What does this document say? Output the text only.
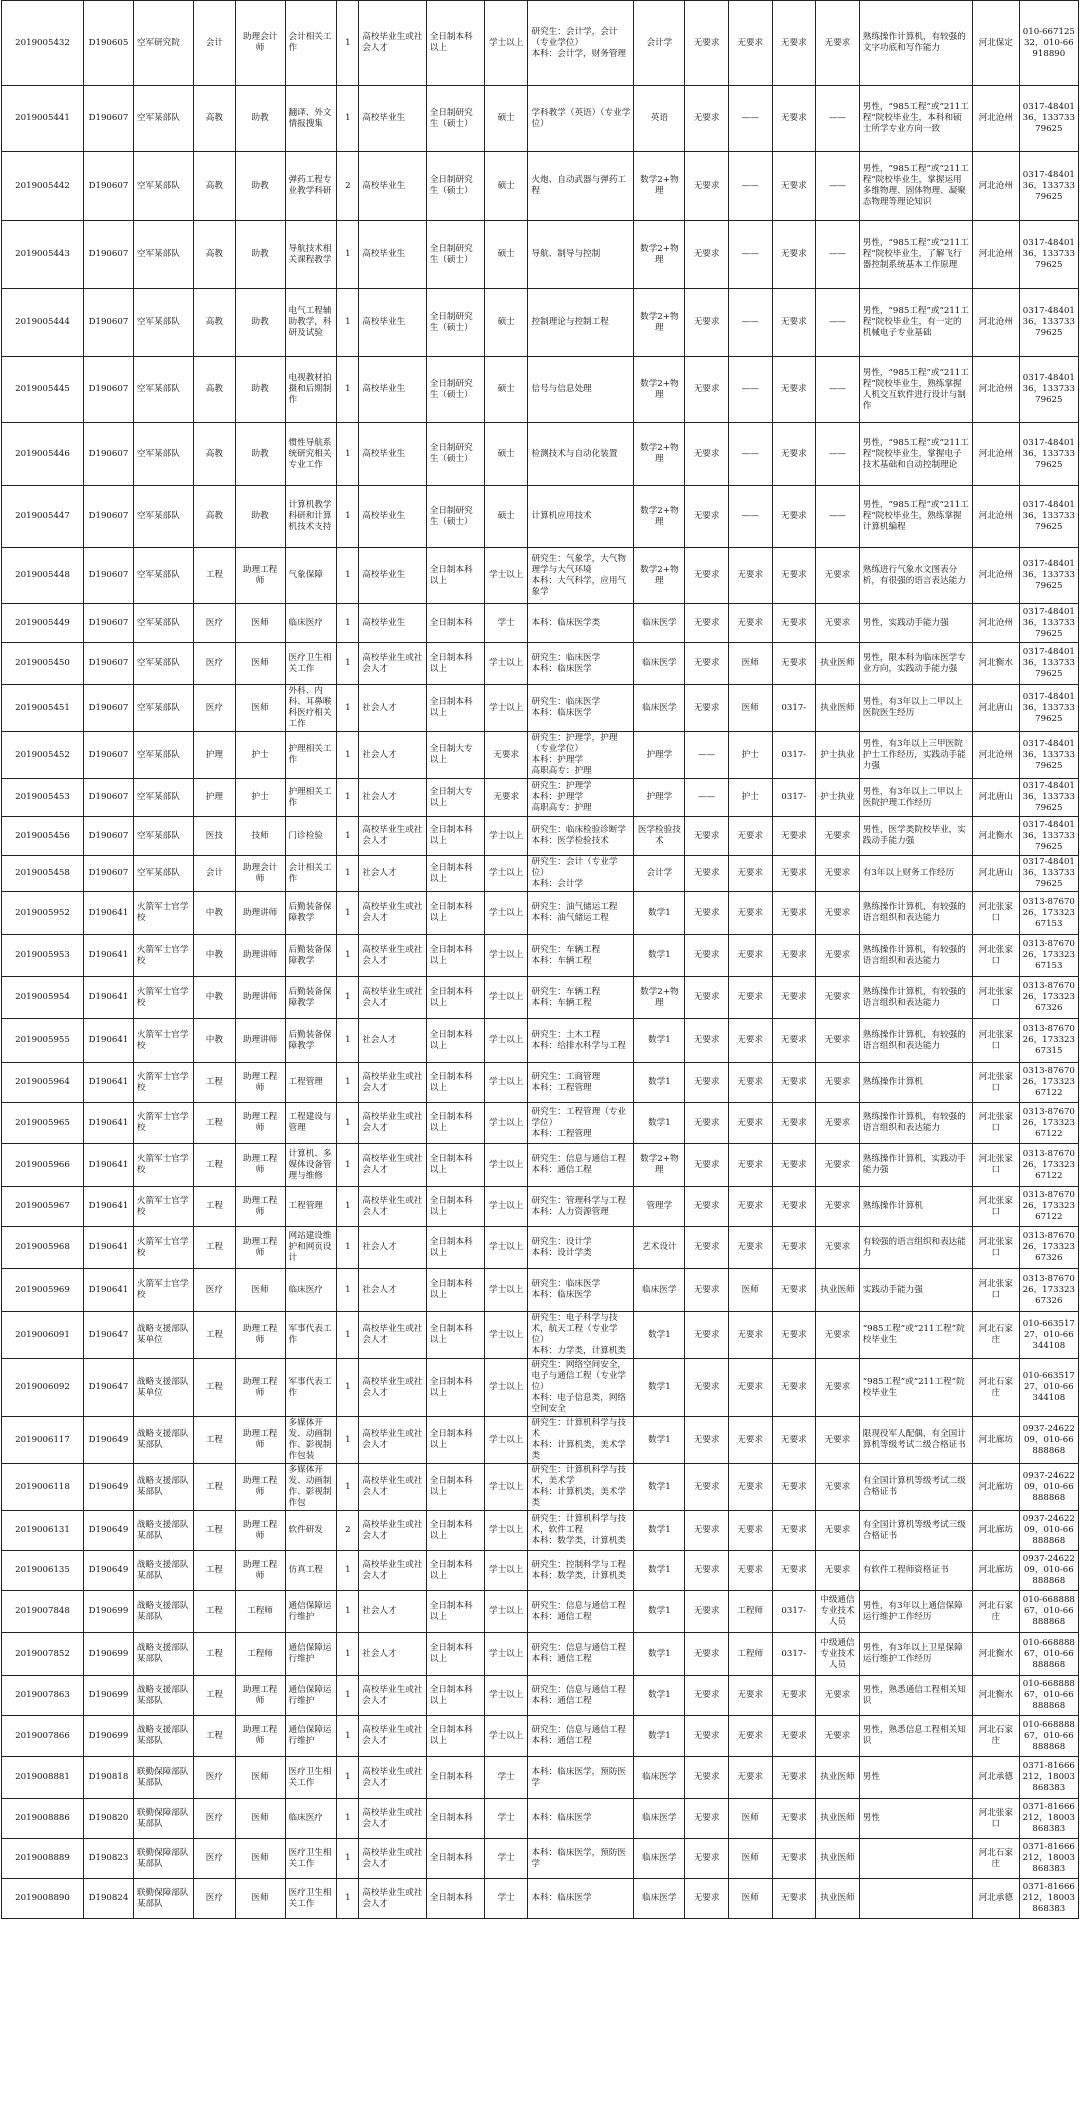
2019005432	D190605	空军研究院	会计	助理会计师	会计相关工作	1	高校毕业生或社会人才	全日制本科以上	学士以上	研究生：会计学，会计（专业学位）
本科：会计学，财务管理	会计学	无要求	无要求	无要求	无要求	熟练操作计算机，有较强的文字功底和写作能力	河北保定	010-66712532，010-66918890
2019005441	D190607	空军某部队	高教	助教	翻译、外文情报搜集	1	高校毕业生	全日制研究生（硕士）	硕士	学科教学（英语）（专业学位）	英语	无要求	——	无要求	——	男性，“985工程”或“211工程”院校毕业生，本科和硕士所学专业方向一致	河北沧州	0317-4840136，13373379625
2019005442	D190607	空军某部队	高教	助教	弹药工程专业教学科研	2	高校毕业生	全日制研究生（硕士）	硕士	火炮、自动武器与弹药工程	数学2+物理	无要求	——	无要求	——	男性，“985工程”或“211工程”院校毕业生，掌握运用多维物理、固体物理、凝聚态物理等理论知识	河北沧州	0317-4840136，13373379625
2019005443	D190607	空军某部队	高教	助教	导航技术相关课程教学	1	高校毕业生	全日制研究生（硕士）	硕士	导航、制导与控制	数学2+物理	无要求	——	无要求	——	男性，“985工程”或“211工程”院校毕业生，了解飞行器控制系统基本工作原理	河北沧州	0317-4840136，13373379625
2019005444	D190607	空军某部队	高教	助教	电气工程辅助教学，科研及试验	1	高校毕业生	全日制研究生（硕士）	硕士	控制理论与控制工程	数学2+物理	无要求	——	无要求	——	男性，“985工程”或“211工程”院校毕业生，有一定的机械电子专业基础	河北沧州	0317-4840136，13373379625
2019005445	D190607	空军某部队	高教	助教	电视教材拍摄和后期制作	1	高校毕业生	全日制研究生（硕士）	硕士	信号与信息处理	数学2+物理	无要求	——	无要求	——	男性，“985工程”或“211工程”院校毕业生，熟练掌握人机交互软件进行设计与制作	河北沧州	0317-4840136，13373379625
2019005446	D190607	空军某部队	高教	助教	惯性导航系统研究相关专业工作	1	高校毕业生	全日制研究生（硕士）	硕士	检测技术与自动化装置	数学2+物理	无要求	——	无要求	——	男性，“985工程”或“211工程”院校毕业生，掌握电子技术基础和自动控制理论	河北沧州	0317-4840136，13373379625
2019005447	D190607	空军某部队	高教	助教	计算机教学科研和计算机技术支持	1	高校毕业生	全日制研究生（硕士）	硕士	计算机应用技术	数学2+物理	无要求	——	无要求	——	男性，“985工程”或“211工程”院校毕业生，熟练掌握计算机编程	河北沧州	0317-4840136，13373379625
2019005448	D190607	空军某部队	工程	助理工程师	气象保障	1	高校毕业生	全日制本科以上	学士以上	研究生：气象学，大气物理学与大气环境
本科：大气科学，应用气象学	数学2+物理	无要求	无要求	无要求	无要求	熟练进行气象水文图表分析，有很强的语言表达能力	河北沧州	0317-4840136，13373379625
2019005449	D190607	空军某部队	医疗	医师	临床医疗	1	高校毕业生	全日制本科	学士	本科：临床医学类	临床医学	无要求	无要求	无要求	无要求	男性，实践动手能力强	河北沧州	0317-4840136，13373379625
2019005450	D190607	空军某部队	医疗	医师	医疗卫生相关工作	1	高校毕业生或社会人才	全日制本科以上	学士以上	研究生：临床医学
本科：临床医学	临床医学	无要求	医师	无要求	执业医师	男性，限本科为临床医学专业方向，实践动手能力强	河北衡水	0317-4840136，13373379625
2019005451	D190607	空军某部队	医疗	医师	外科、内科、耳鼻喉科医疗相关工作	1	社会人才	全日制本科以上	学士以上	研究生：临床医学
本科：临床医学	临床医学	无要求	医师	0317-	执业医师	男性，有3年以上二甲以上医院医生经历	河北唐山	0317-4840136，13373379625
2019005452	D190607	空军某部队	护理	护士	护理相关工作	1	社会人才	全日制大专以上	无要求	研究生：护理学，护理（专业学位）
本科：护理学
高职高专：护理	护理学	——	护士	0317-	护士执业	男性，有3年以上三甲医院护士工作经历，实践动手能力强	河北沧州	0317-4840136，13373379625
2019005453	D190607	空军某部队	护理	护士	护理相关工作	1	社会人才	全日制大专以上	无要求	研究生：护理学
本科：护理学
高职高专：护理	护理学	——	护士	0317-	护士执业	男性，有3年以上二甲以上医院护理工作经历	河北唐山	0317-4840136，13373379625
2019005456	D190607	空军某部队	医技	技师	门诊检验	1	高校毕业生或社会人才	全日制本科以上	学士以上	研究生：临床检验诊断学
本科：医学检验技术	医学检验技术	无要求	无要求	无要求	无要求	男性，医学类院校毕业，实践动手能力强	河北衡水	0317-4840136，13373379625
2019005458	D190607	空军某部队	会计	助理会计师	会计相关工作	1	社会人才	全日制本科以上	学士以上	研究生：会计（专业学位）
本科：会计学	会计学	无要求	无要求	无要求	无要求	有3年以上财务工作经历	河北唐山	0317-4840136，13373379625
2019005952	D190641	火箭军士官学校	中教	助理讲师	后勤装备保障教学	1	高校毕业生或社会人才	全日制本科以上	学士以上	研究生：油气储运工程
本科：油气储运工程	数学1	无要求	无要求	无要求	无要求	熟练操作计算机，有较强的语言组织和表达能力	河北张家口	0313-8767026，17332367153
2019005953	D190641	火箭军士官学校	中教	助理讲师	后勤装备保障教学	1	高校毕业生或社会人才	全日制本科以上	学士以上	研究生：车辆工程
本科：车辆工程	数学1	无要求	无要求	无要求	无要求	熟练操作计算机，有较强的语言组织和表达能力	河北张家口	0313-8767026，17332367153
2019005954	D190641	火箭军士官学校	中教	助理讲师	后勤装备保障教学	1	高校毕业生或社会人才	全日制本科以上	学士以上	研究生：车辆工程
本科：车辆工程	数学2+物理	无要求	无要求	无要求	无要求	熟练操作计算机，有较强的语言组织和表达能力	河北张家口	0313-8767026，17332367326
2019005955	D190641	火箭军士官学校	中教	助理讲师	后勤装备保障教学	1	社会人才	全日制本科以上	学士以上	研究生：土木工程
本科：给排水科学与工程	数学1	无要求	无要求	无要求	无要求	熟练操作计算机，有较强的语言组织和表达能力	河北张家口	0313-8767026，17332367315
2019005964	D190641	火箭军士官学校	工程	助理工程师	工程管理	1	高校毕业生或社会人才	全日制本科以上	学士以上	研究生：工商管理
本科：工程管理	数学1	无要求	无要求	无要求	无要求	熟练操作计算机	河北张家口	0313-8767026，17332367122
2019005965	D190641	火箭军士官学校	工程	助理工程师	工程建设与管理	1	高校毕业生或社会人才	全日制本科以上	学士以上	研究生：工程管理（专业学位）
本科：工程管理	数学1	无要求	无要求	无要求	无要求	熟练操作计算机，有较强的语言组织和表达能力	河北张家口	0313-8767026，17332367122
2019005966	D190641	火箭军士官学校	工程	助理工程师	计算机、多媒体设备管理与维修	1	高校毕业生或社会人才	全日制本科以上	学士以上	研究生：信息与通信工程
本科：通信工程	数学2+物理	无要求	无要求	无要求	无要求	熟练操作计算机，实践动手能力强	河北张家口	0313-8767026，17332367122
2019005967	D190641	火箭军士官学校	工程	助理工程师	工程管理	1	高校毕业生或社会人才	全日制本科以上	学士以上	研究生：管理科学与工程
本科：人力资源管理	管理学	无要求	无要求	无要求	无要求	熟练操作计算机	河北张家口	0313-8767026，17332367122
2019005968	D190641	火箭军士官学校	工程	助理工程师	网站建设维护和网页设计	1	社会人才	全日制本科以上	学士以上	研究生：设计学
本科：设计学类	艺术设计	无要求	无要求	无要求	无要求	有较强的语言组织和表达能力	河北张家口	0313-8767026，17332367326
2019005969	D190641	火箭军士官学校	医疗	医师	临床医疗	1	社会人才	全日制本科以上	学士以上	研究生：临床医学
本科：临床医学	临床医学	无要求	医师	无要求	执业医师	实践动手能力强	河北张家口	0313-8767026，17332367326
2019006091	D190647	战略支援部队某单位	工程	助理工程师	军事代表工作	1	高校毕业生或社会人才	全日制本科以上	学士以上	研究生：电子科学与技术，航天工程（专业学位）
本科：力学类，计算机类	数学1	无要求	无要求	无要求	无要求	“985工程”或“211工程”院校毕业生	河北石家庄	010-66351727，010-66344108
2019006092	D190647	战略支援部队某单位	工程	助理工程师	军事代表工作	1	高校毕业生或社会人才	全日制本科以上	学士以上	研究生：网络空间安全，电子与通信工程（专业学位）
本科：电子信息类，网络空间安全	数学1	无要求	无要求	无要求	无要求	“985工程”或“211工程”院校毕业生	河北石家庄	010-66351727，010-66344108
2019006117	D190649	战略支援部队某部队	工程	助理工程师	多媒体开发、动画制作、影视制作包装	1	高校毕业生或社会人才	全日制本科以上	学士以上	研究生：计算机科学与技术
本科：计算机类，美术学类	数学1	无要求	无要求	无要求	无要求	限现役军人配偶，有全国计算机等级考试二级合格证书	河北廊坊	0937-2462209，010-66888868
2019006118	D190649	战略支援部队某部队	工程	助理工程师	多媒体开发、动画制作、影视制作包	1	高校毕业生或社会人才	全日制本科以上	学士以上	研究生：计算机科学与技术，美术学
本科：计算机类，美术学类	数学1	无要求	无要求	无要求	无要求	有全国计算机等级考试二级合格证书	河北廊坊	0937-2462209，010-66888868
2019006131	D190649	战略支援部队某部队	工程	助理工程师	软件研发	2	高校毕业生或社会人才	全日制本科以上	学士以上	研究生：计算机科学与技术，软件工程
本科：数学类，计算机类	数学1	无要求	无要求	无要求	无要求	有全国计算机等级考试三级合格证书	河北廊坊	0937-2462209，010-66888868
2019006135	D190649	战略支援部队某部队	工程	助理工程师	仿真工程	1	高校毕业生或社会人才	全日制本科以上	学士以上	研究生：控制科学与工程
本科：数学类，计算机类	数学1	无要求	无要求	无要求	无要求	有软件工程师资格证书	河北廊坊	0937-2462209，010-66888868
2019007848	D190699	战略支援部队某部队	工程	工程师	通信保障运行维护	1	社会人才	全日制本科以上	学士以上	研究生：信息与通信工程
本科：通信工程	数学1	无要求	工程师	0317-	中级通信专业技术人员	男性，有3年以上通信保障运行维护工作经历	河北石家庄	010-66888867，010-66888868
2019007852	D190699	战略支援部队某部队	工程	工程师	通信保障运行维护	1	社会人才	全日制本科以上	学士以上	研究生：信息与通信工程
本科：通信工程	数学1	无要求	工程师	0317-	中级通信专业技术人员	男性，有3年以上卫星保障运行维护工作经历	河北衡水	010-66888867，010-66888868
2019007863	D190699	战略支援部队某部队	工程	助理工程师	通信保障运行维护	1	高校毕业生或社会人才	全日制本科以上	学士以上	研究生：信息与通信工程
本科：通信工程	数学1	无要求	无要求	无要求	无要求	男性，熟悉通信工程相关知识	河北衡水	010-66888867，010-66888868
2019007866	D190699	战略支援部队某部队	工程	助理工程师	通信保障运行维护	1	高校毕业生或社会人才	全日制本科以上	学士以上	研究生：信息与通信工程
本科：通信工程	数学1	无要求	无要求	无要求	无要求	男性，熟悉信息工程相关知识	河北石家庄	010-66888867，010-66888868
2019008881	D190818	联勤保障部队某部队	医疗	医师	医疗卫生相关工作	1	高校毕业生或社会人才	全日制本科	学士	本科：临床医学，预防医学	临床医学	无要求	无要求	无要求	执业医师	男性	河北承德	0371-81666212，18003868383
2019008886	D190820	联勤保障部队某部队	医疗	医师	临床医疗	1	高校毕业生或社会人才	全日制本科	学士	本科：临床医学	临床医学	无要求	医师	无要求	执业医师	男性	河北张家口	0371-81666212，18003868383
2019008889	D190823	联勤保障部队某部队	医疗	医师	医疗卫生相关工作	1	高校毕业生或社会人才	全日制本科	学士	本科：临床医学，预防医学	临床医学	无要求	医师	无要求	执业医师		河北石家庄	0371-81666212，18003868383
2019008890	D190824	联勤保障部队某部队	医疗	医师	医疗卫生相关工作	1	高校毕业生或社会人才	全日制本科	学士	本科：临床医学	临床医学	无要求	医师	无要求	执业医师		河北承德	0371-81666212，18003868383
